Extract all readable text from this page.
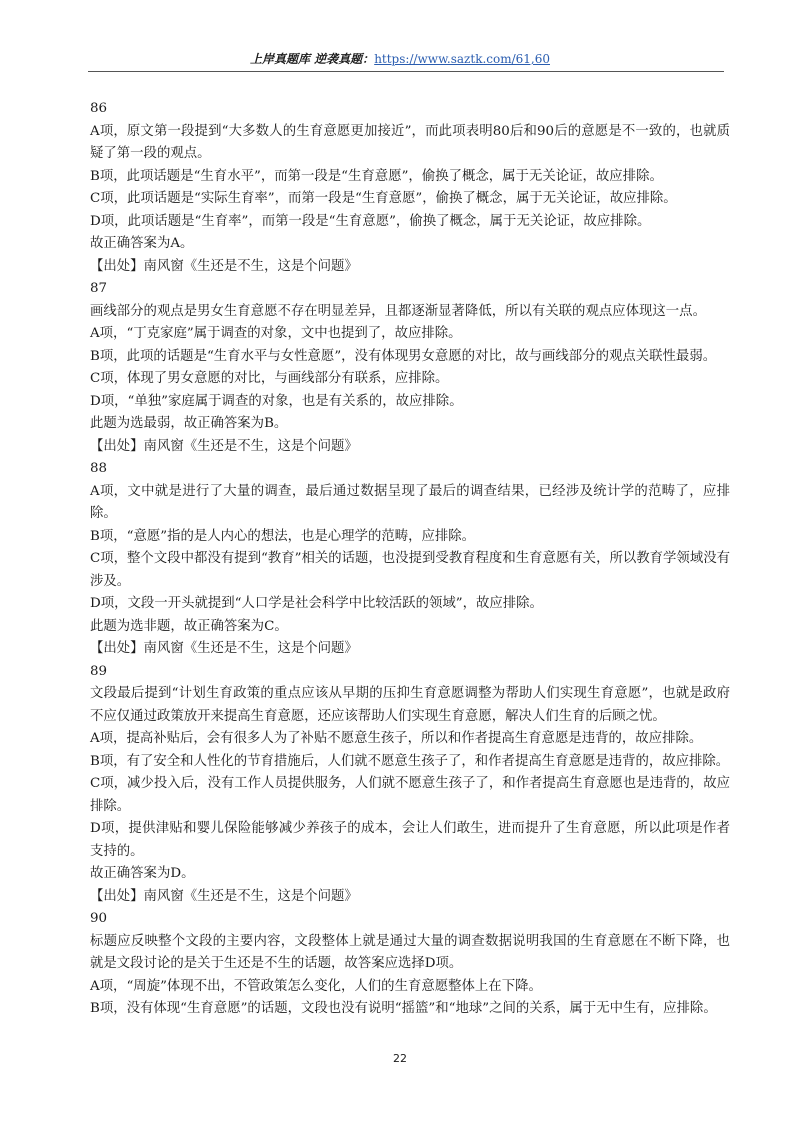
上岸真题库 逆袭真题：https://www.saztk.com/61,60

86

A项，原文第一段提到“大多数人的生育意愿更加接近”，而此项表明80后和90后的意愿是不一致的，也就质疑了第一段的观点。

B项，此项话题是“生育水平”，而第一段是“生育意愿”，偷换了概念，属于无关论证，故应排除。

C项，此项话题是“实际生育率”，而第一段是“生育意愿”，偷换了概念，属于无关论证，故应排除。

D项，此项话题是“生育率”，而第一段是“生育意愿”，偷换了概念，属于无关论证，故应排除。

故正确答案为A。

【出处】南风窗《生还是不生，这是个问题》

87

画线部分的观点是男女生育意愿不存在明显差异，且都逐渐显著降低，所以有关联的观点应体现这一点。

A项，“丁克家庭”属于调查的对象，文中也提到了，故应排除。

B项，此项的话题是“生育水平与女性意愿”，没有体现男女意愿的对比，故与画线部分的观点关联性最弱。

C项，体现了男女意愿的对比，与画线部分有联系，应排除。

D项，“单独”家庭属于调查的对象，也是有关系的，故应排除。

此题为选最弱，故正确答案为B。

【出处】南风窗《生还是不生，这是个问题》

88

A项，文中就是进行了大量的调查，最后通过数据呈现了最后的调查结果，已经涉及统计学的范畴了，应排除。

B项，“意愿”指的是人内心的想法，也是心理学的范畴，应排除。

C项，整个文段中都没有提到“教育”相关的话题，也没提到受教育程度和生育意愿有关，所以教育学领域没有涉及。

D项，文段一开头就提到“人口学是社会科学中比较活跃的领域”，故应排除。

此题为选非题，故正确答案为C。

【出处】南风窗《生还是不生，这是个问题》

89

文段最后提到“计划生育政策的重点应该从早期的压抑生育意愿调整为帮助人们实现生育意愿”，也就是政府不应仅通过政策放开来提高生育意愿，还应该帮助人们实现生育意愿，解决人们生育的后顾之忧。

A项，提高补贴后，会有很多人为了补贴不愿意生孩子，所以和作者提高生育意愿是违背的，故应排除。

B项，有了安全和人性化的节育措施后，人们就不愿意生孩子了，和作者提高生育意愿是违背的，故应排除。

C项，减少投入后，没有工作人员提供服务，人们就不愿意生孩子了，和作者提高生育意愿也是违背的，故应排除。

D项，提供津贴和婴儿保险能够减少养孩子的成本，会让人们敢生，进而提升了生育意愿，所以此项是作者支持的。

故正确答案为D。

【出处】南风窗《生还是不生，这是个问题》

90

标题应反映整个文段的主要内容，文段整体上就是通过大量的调查数据说明我国的生育意愿在不断下降，也就是文段讨论的是关于生还是不生的话题，故答案应选择D项。

A项，“周旋”体现不出，不管政策怎么变化，人们的生育意愿整体上在下降。

B项，没有体现“生育意愿”的话题，文段也没有说明“摇篮”和“地球”之间的关系，属于无中生有，应排除。

22
